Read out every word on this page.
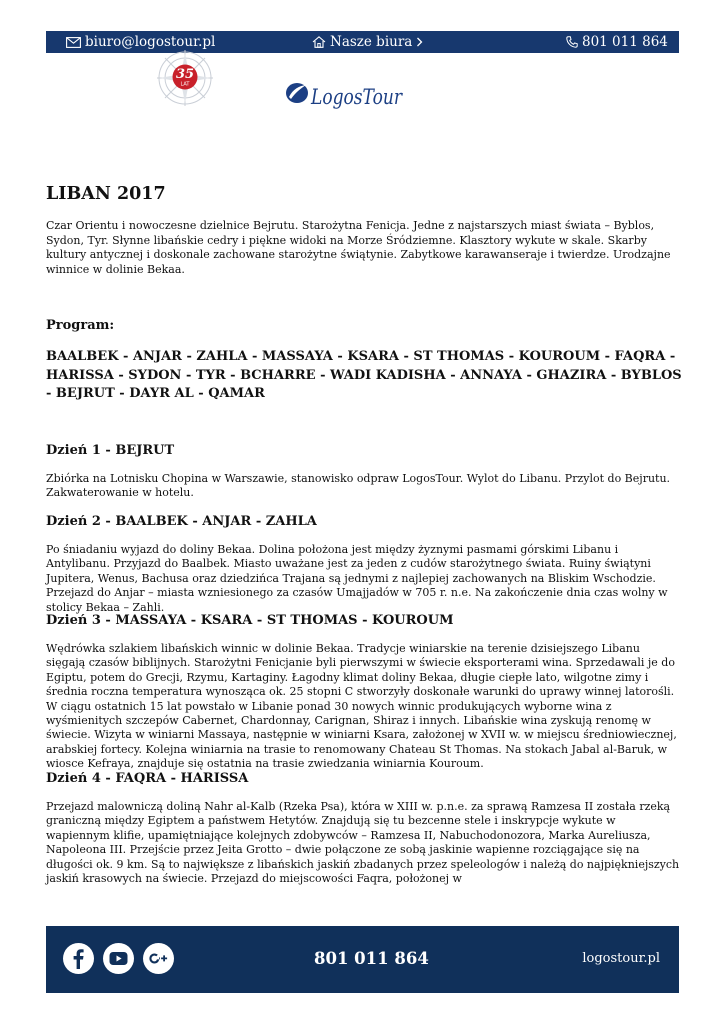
biuro@logostour.pl	Nasze biura	801 011 864
35
LAT
LogosTour
LIBAN 2017

Czar Orientu i nowoczesne dzielnice Bejrutu. Starożytna Fenicja. Jedne z najstarszych miast świata – Byblos, Sydon, Tyr. Słynne libańskie cedry i piękne widoki na Morze Śródziemne. Klasztory wykute w skale. Skarby kultury antycznej i doskonale zachowane starożytne świątynie. Zabytkowe karawanseraje i twierdze. Urodzajne winnice w dolinie Bekaa.

Program:

BAALBEK - ANJAR - ZAHLA - MASSAYA - KSARA - ST THOMAS - KOUROUM - FAQRA - HARISSA - SYDON - TYR - BCHARRE - WADI KADISHA - ANNAYA - GHAZIRA - BYBLOS - BEJRUT - DAYR AL - QAMAR

Dzień 1 - BEJRUT

Zbiórka na Lotnisku Chopina w Warszawie, stanowisko odpraw LogosTour. Wylot do Libanu. Przylot do Bejrutu. Zakwaterowanie w hotelu.

Dzień 2 - BAALBEK - ANJAR - ZAHLA

Po śniadaniu wyjazd do doliny Bekaa. Dolina położona jest między żyznymi pasmami górskimi Libanu i Antylibanu. Przyjazd do Baalbek. Miasto uważane jest za jeden z cudów starożytnego świata. Ruiny świątyni Jupitera, Wenus, Bachusa oraz dziedzińca Trajana są jednymi z najlepiej zachowanych na Bliskim Wschodzie. Przejazd do Anjar – miasta wzniesionego za czasów Umajjadów w 705 r. n.e. Na zakończenie dnia czas wolny w stolicy Bekaa – Zahli.

Dzień 3 - MASSAYA - KSARA - ST THOMAS - KOUROUM

Wędrówka szlakiem libańskich winnic w dolinie Bekaa. Tradycje winiarskie na terenie dzisiejszego Libanu sięgają czasów biblijnych. Starożytni Fenicjanie byli pierwszymi w świecie eksporterami wina. Sprzedawali je do Egiptu, potem do Grecji, Rzymu, Kartaginy. Łagodny klimat doliny Bekaa, długie ciepłe lato, wilgotne zimy i średnia roczna temperatura wynosząca ok. 25 stopni C stworzyły doskonałe warunki do uprawy winnej latorośli. W ciągu ostatnich 15 lat powstało w Libanie ponad 30 nowych winnic produkujących wyborne wina z wyśmienitych szczepów Cabernet, Chardonnay, Carignan, Shiraz i innych. Libańskie wina zyskują renomę w świecie. Wizyta w winiarni Massaya, następnie w winiarni Ksara, założonej w XVII w. w miejscu średniowiecznej, arabskiej fortecy. Kolejna winiarnia na trasie to renomowany Chateau St Thomas. Na stokach Jabal al-Baruk, w wiosce Kefraya, znajduje się ostatnia na trasie zwiedzania winiarnia Kouroum.

Dzień 4 - FAQRA - HARISSA

Przejazd malowniczą doliną Nahr al-Kalb (Rzeka Psa), która w XIII w. p.n.e. za sprawą Ramzesa II została rzeką graniczną między Egiptem a państwem Hetytów. Znajdują się tu bezcenne stele i inskrypcje wykute w wapiennym klifie, upamiętniające kolejnych zdobywców – Ramzesa II, Nabuchodonozora, Marka Aureliusza, Napoleona III. Przejście przez Jeita Grotto – dwie połączone ze sobą jaskinie wapienne rozciągające się na długości ok. 9 km. Są to największe z libańskich jaskiń zbadanych przez speleologów i należą do najpiękniejszych jaskiń krasowych na świecie. Przejazd do miejscowości Faqra, położonej w

801 011 864	logostour.pl
